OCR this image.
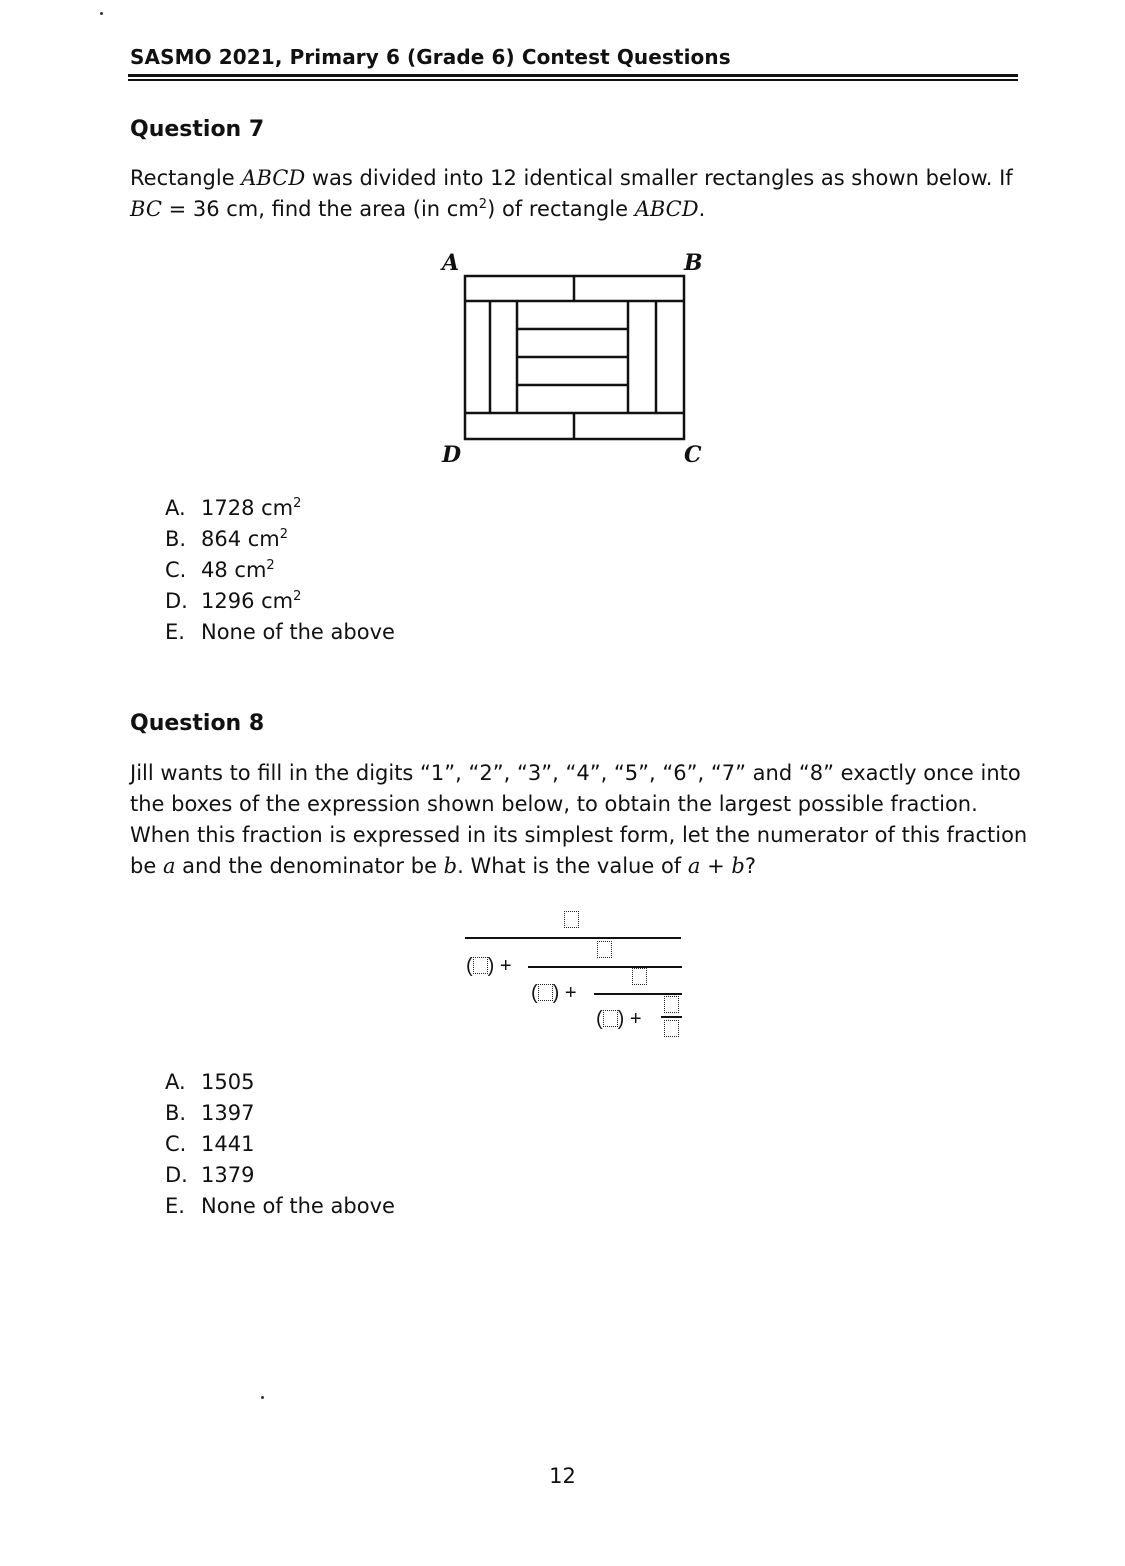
SASMO 2021, Primary 6 (Grade 6) Contest Questions
Question 7
Rectangle ABCD was divided into 12 identical smaller rectangles as shown below. If
BC = 36 cm, find the area (in $cm^2$) of rectangle ABCD.
A	B
D	C
A. 1728 $cm^2$
B. 864 $cm^2$
C. 48 $cm^2$
D. 1296 $cm^2$
E. None of the above
Question 8
Jill wants to fill in the digits “1”, “2”, “3”, “4”, “5”, “6”, “7” and “8” exactly once into
the boxes of the expression shown below, to obtain the largest possible fraction.
When this fraction is expressed in its simplest form, let the numerator of this fraction
be a and the denominator be b. What is the value of a + b?
( ) +
( ) +
( ) +
A. 1505
B. 1397
C. 1441
D. 1379
E. None of the above
12
